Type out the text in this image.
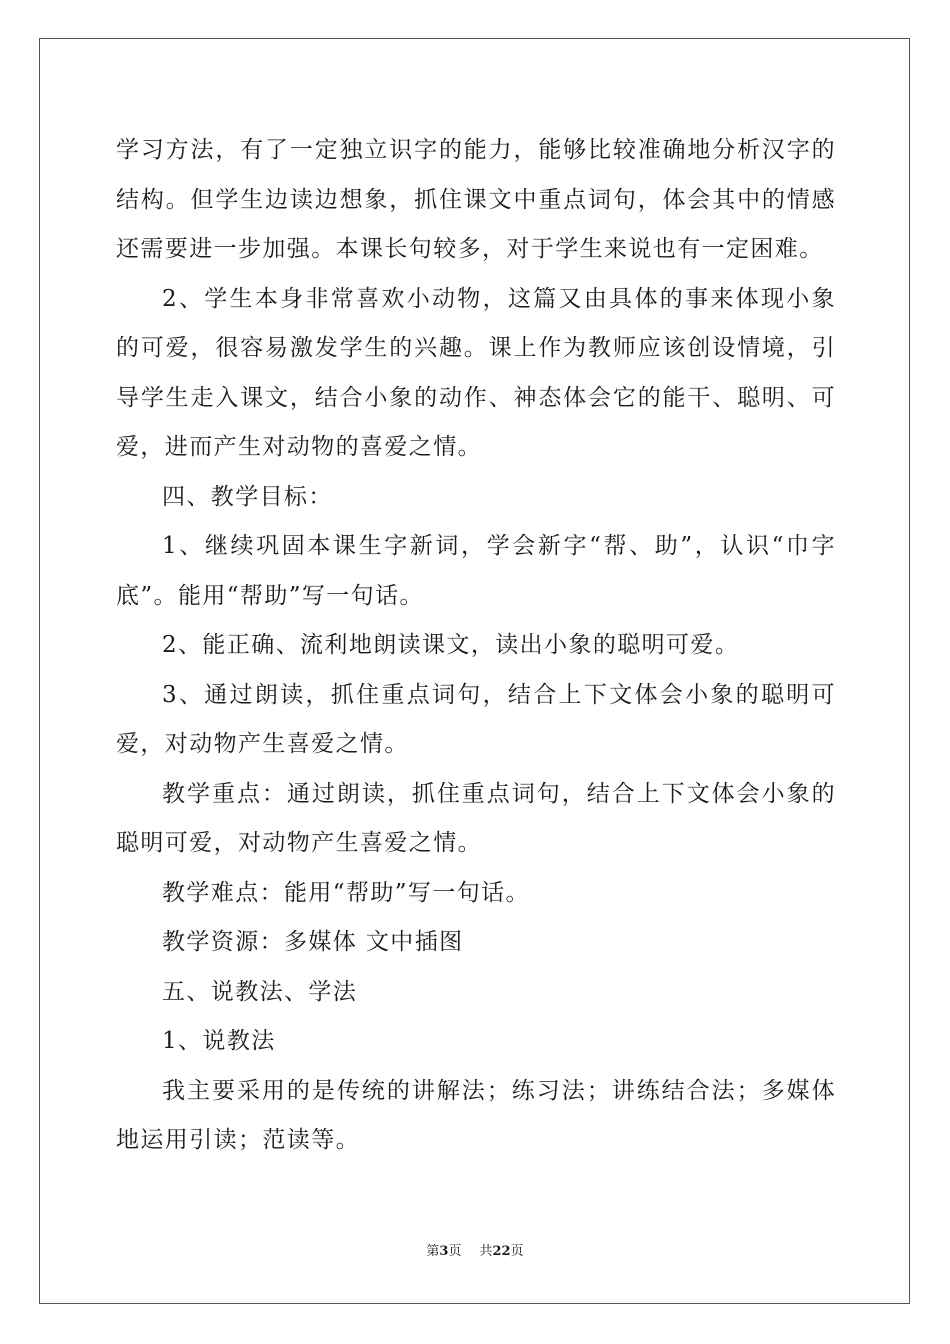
学习方法，有了一定独立识字的能力，能够比较准确地分析汉字的结构。但学生边读边想象，抓住课文中重点词句，体会其中的情感还需要进一步加强。本课长句较多，对于学生来说也有一定困难。

2、学生本身非常喜欢小动物，这篇又由具体的事来体现小象的可爱，很容易激发学生的兴趣。课上作为教师应该创设情境，引导学生走入课文，结合小象的动作、神态体会它的能干、聪明、可爱，进而产生对动物的喜爱之情。

四、教学目标：

1、继续巩固本课生字新词，学会新字“帮、助”，认识“巾字底”。能用“帮助”写一句话。

2、能正确、流利地朗读课文，读出小象的聪明可爱。

3、通过朗读，抓住重点词句，结合上下文体会小象的聪明可爱，对动物产生喜爱之情。

教学重点：通过朗读，抓住重点词句，结合上下文体会小象的聪明可爱，对动物产生喜爱之情。

教学难点：能用“帮助”写一句话。

教学资源：多媒体 文中插图

五、说教法、学法

1、说教法

我主要采用的是传统的讲解法；练习法；讲练结合法；多媒体地运用引读；范读等。

第3页 共22页
